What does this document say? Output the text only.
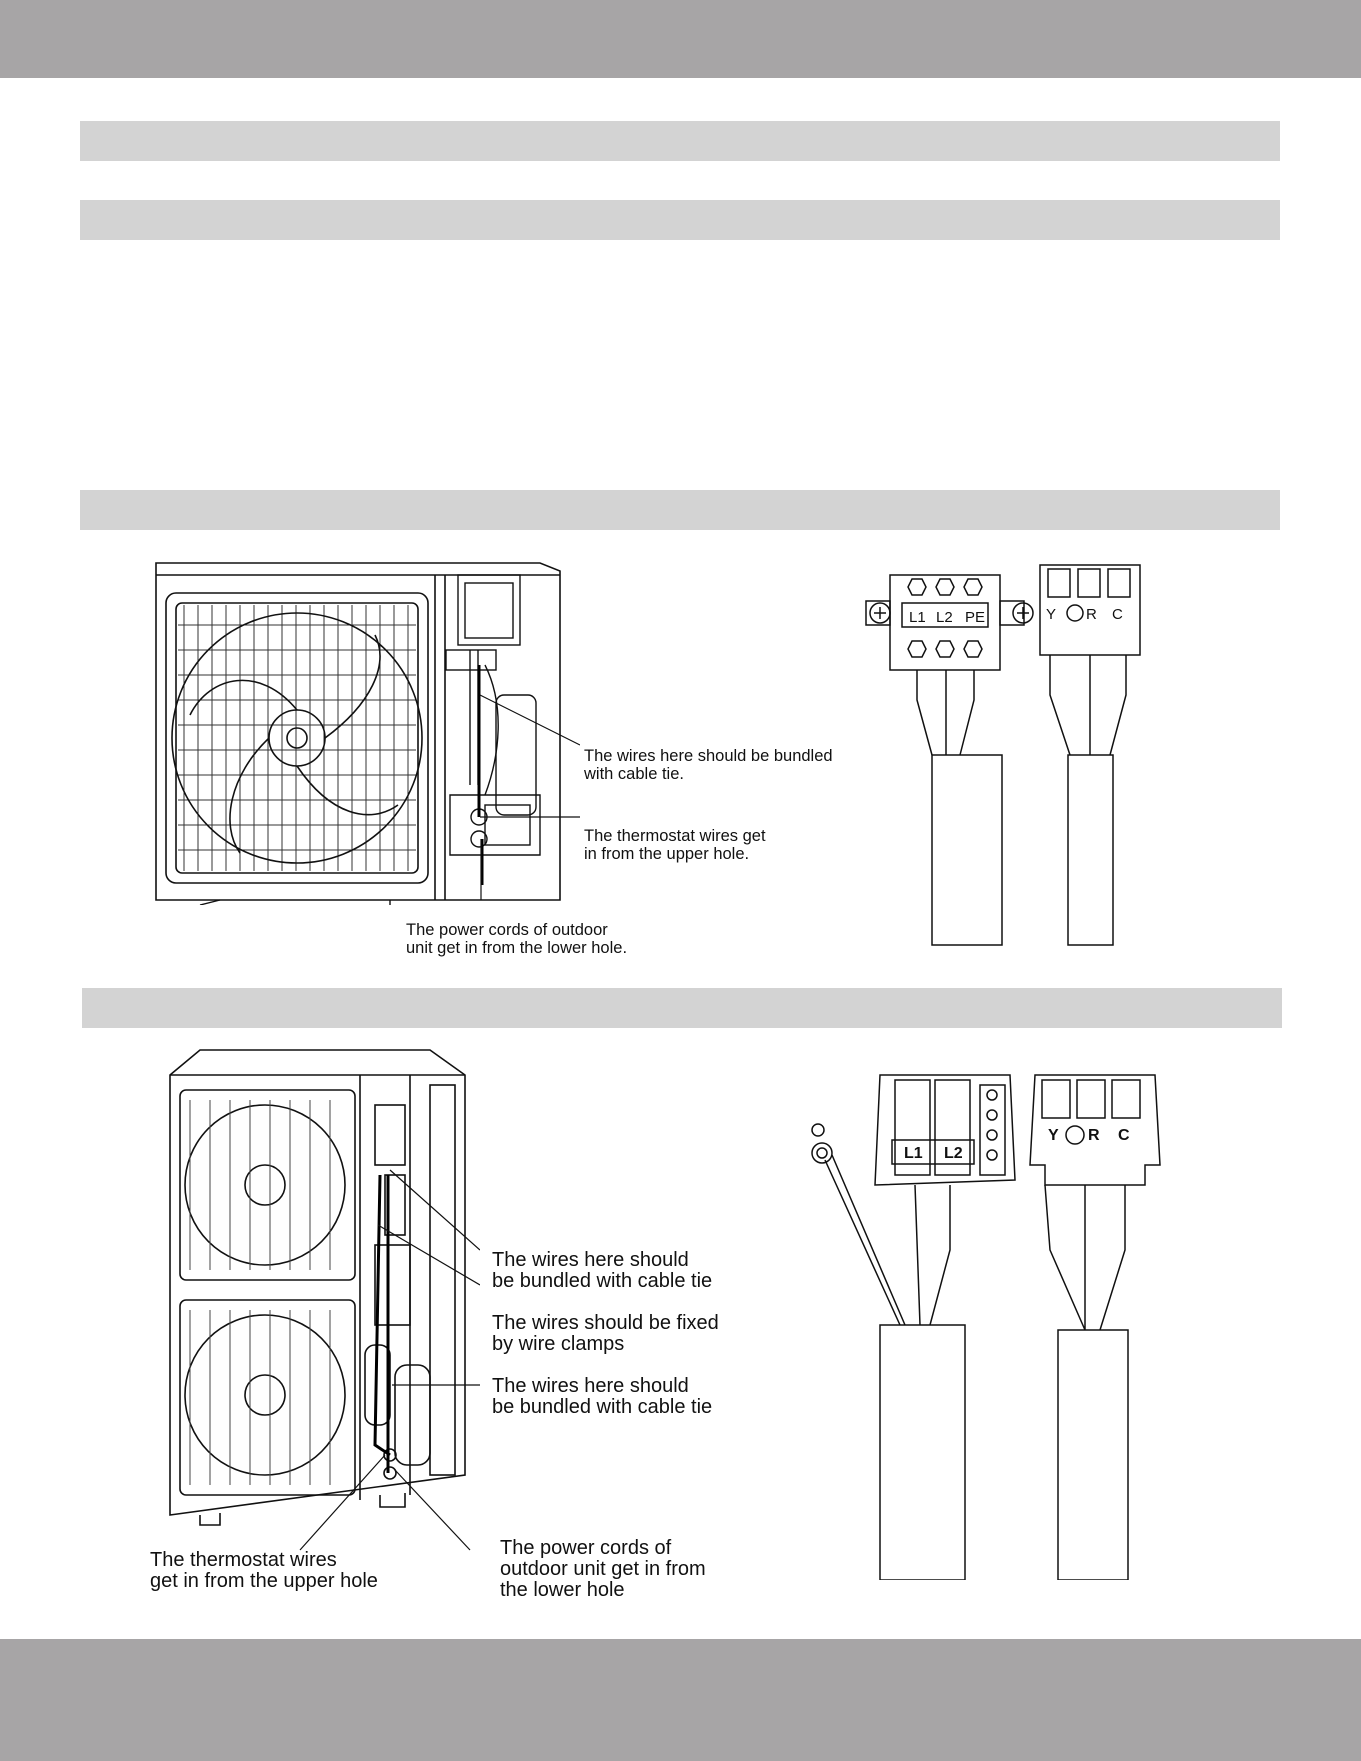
The wires here should be bundled
with cable tie.
The thermostat wires get
in from the upper hole.
The power cords of outdoor
unit get in from the lower hole.
L1 L2 PE	Y R C
The wires here should
be bundled with cable tie
The wires should be fixed
by wire clamps
The wires here should
be bundled with cable tie
The thermostat wires
get in from the upper hole
The power cords of
outdoor unit get in from
the lower hole
L1 L2
Y R C
